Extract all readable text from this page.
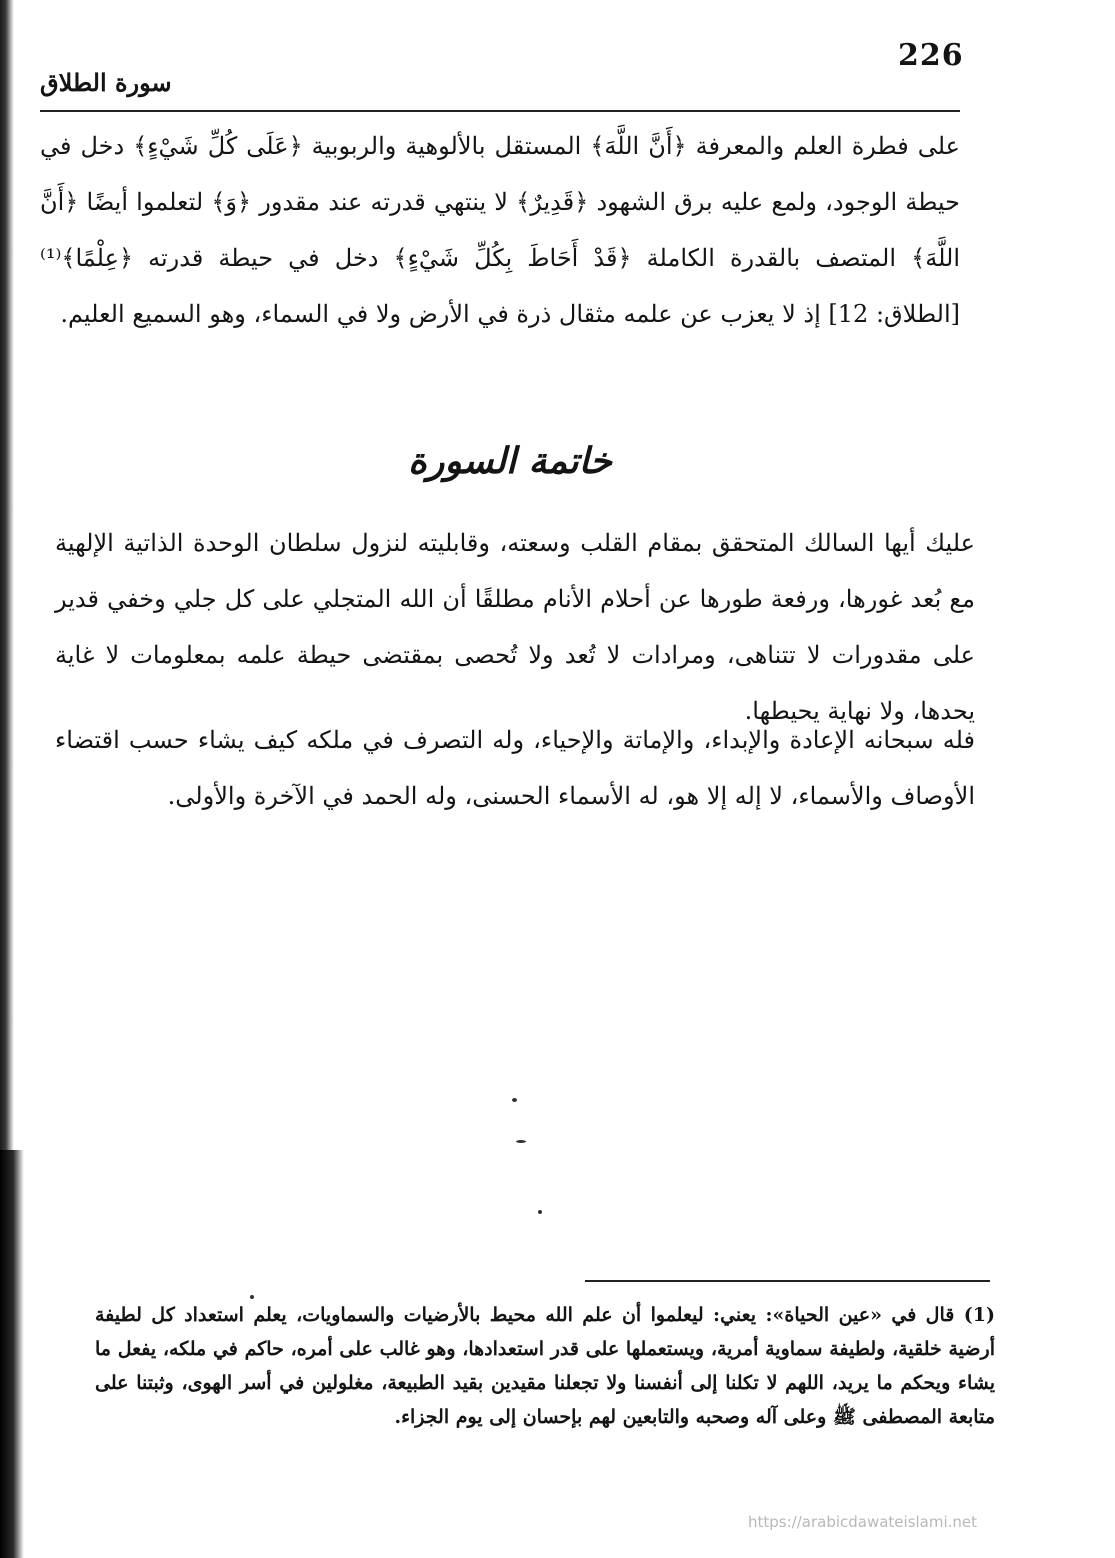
226
سورة الطلاق

على فطرة العلم والمعرفة ﴿أَنَّ اللَّهَ﴾ المستقل بالألوهية والربوبية ﴿عَلَى كُلِّ شَيْءٍ﴾ دخل في حيطة الوجود، ولمع عليه برق الشهود ﴿قَدِيرٌ﴾ لا ينتهي قدرته عند مقدور ﴿وَ﴾ لتعلموا أيضًا ﴿أَنَّ اللَّهَ﴾ المتصف بالقدرة الكاملة ﴿قَدْ أَحَاطَ بِكُلِّ شَيْءٍ﴾ دخل في حيطة قدرته ﴿عِلْمًا﴾⁽¹⁾ [الطلاق: 12] إذ لا يعزب عن علمه مثقال ذرة في الأرض ولا في السماء، وهو السميع العليم.

خاتمة السورة

عليك أيها السالك المتحقق بمقام القلب وسعته، وقابليته لنزول سلطان الوحدة الذاتية الإلهية مع بُعد غورها، ورفعة طورها عن أحلام الأنام مطلقًا أن الله المتجلي على كل جلي وخفي قدير على مقدورات لا تتناهى، ومرادات لا تُعد ولا تُحصى بمقتضى حيطة علمه بمعلومات لا غاية يحدها، ولا نهاية يحيطها.

فله سبحانه الإعادة والإبداء، والإماتة والإحياء، وله التصرف في ملكه كيف يشاء حسب اقتضاء الأوصاف والأسماء، لا إله إلا هو، له الأسماء الحسنى، وله الحمد في الآخرة والأولى.

(1) قال في «عين الحياة»: يعني: ليعلموا أن علم الله محيط بالأرضيات والسماويات، يعلم استعداد كل لطيفة أرضية خلقية، ولطيفة سماوية أمرية، ويستعملها على قدر استعدادها، وهو غالب على أمره، حاكم في ملكه، يفعل ما يشاء ويحكم ما يريد، اللهم لا تكلنا إلى أنفسنا ولا تجعلنا مقيدين بقيد الطبيعة، مغلولين في أسر الهوى، وثبتنا على متابعة المصطفى ﷺ وعلى آله وصحبه والتابعين لهم بإحسان إلى يوم الجزاء.

https://arabicdawateislami.net
